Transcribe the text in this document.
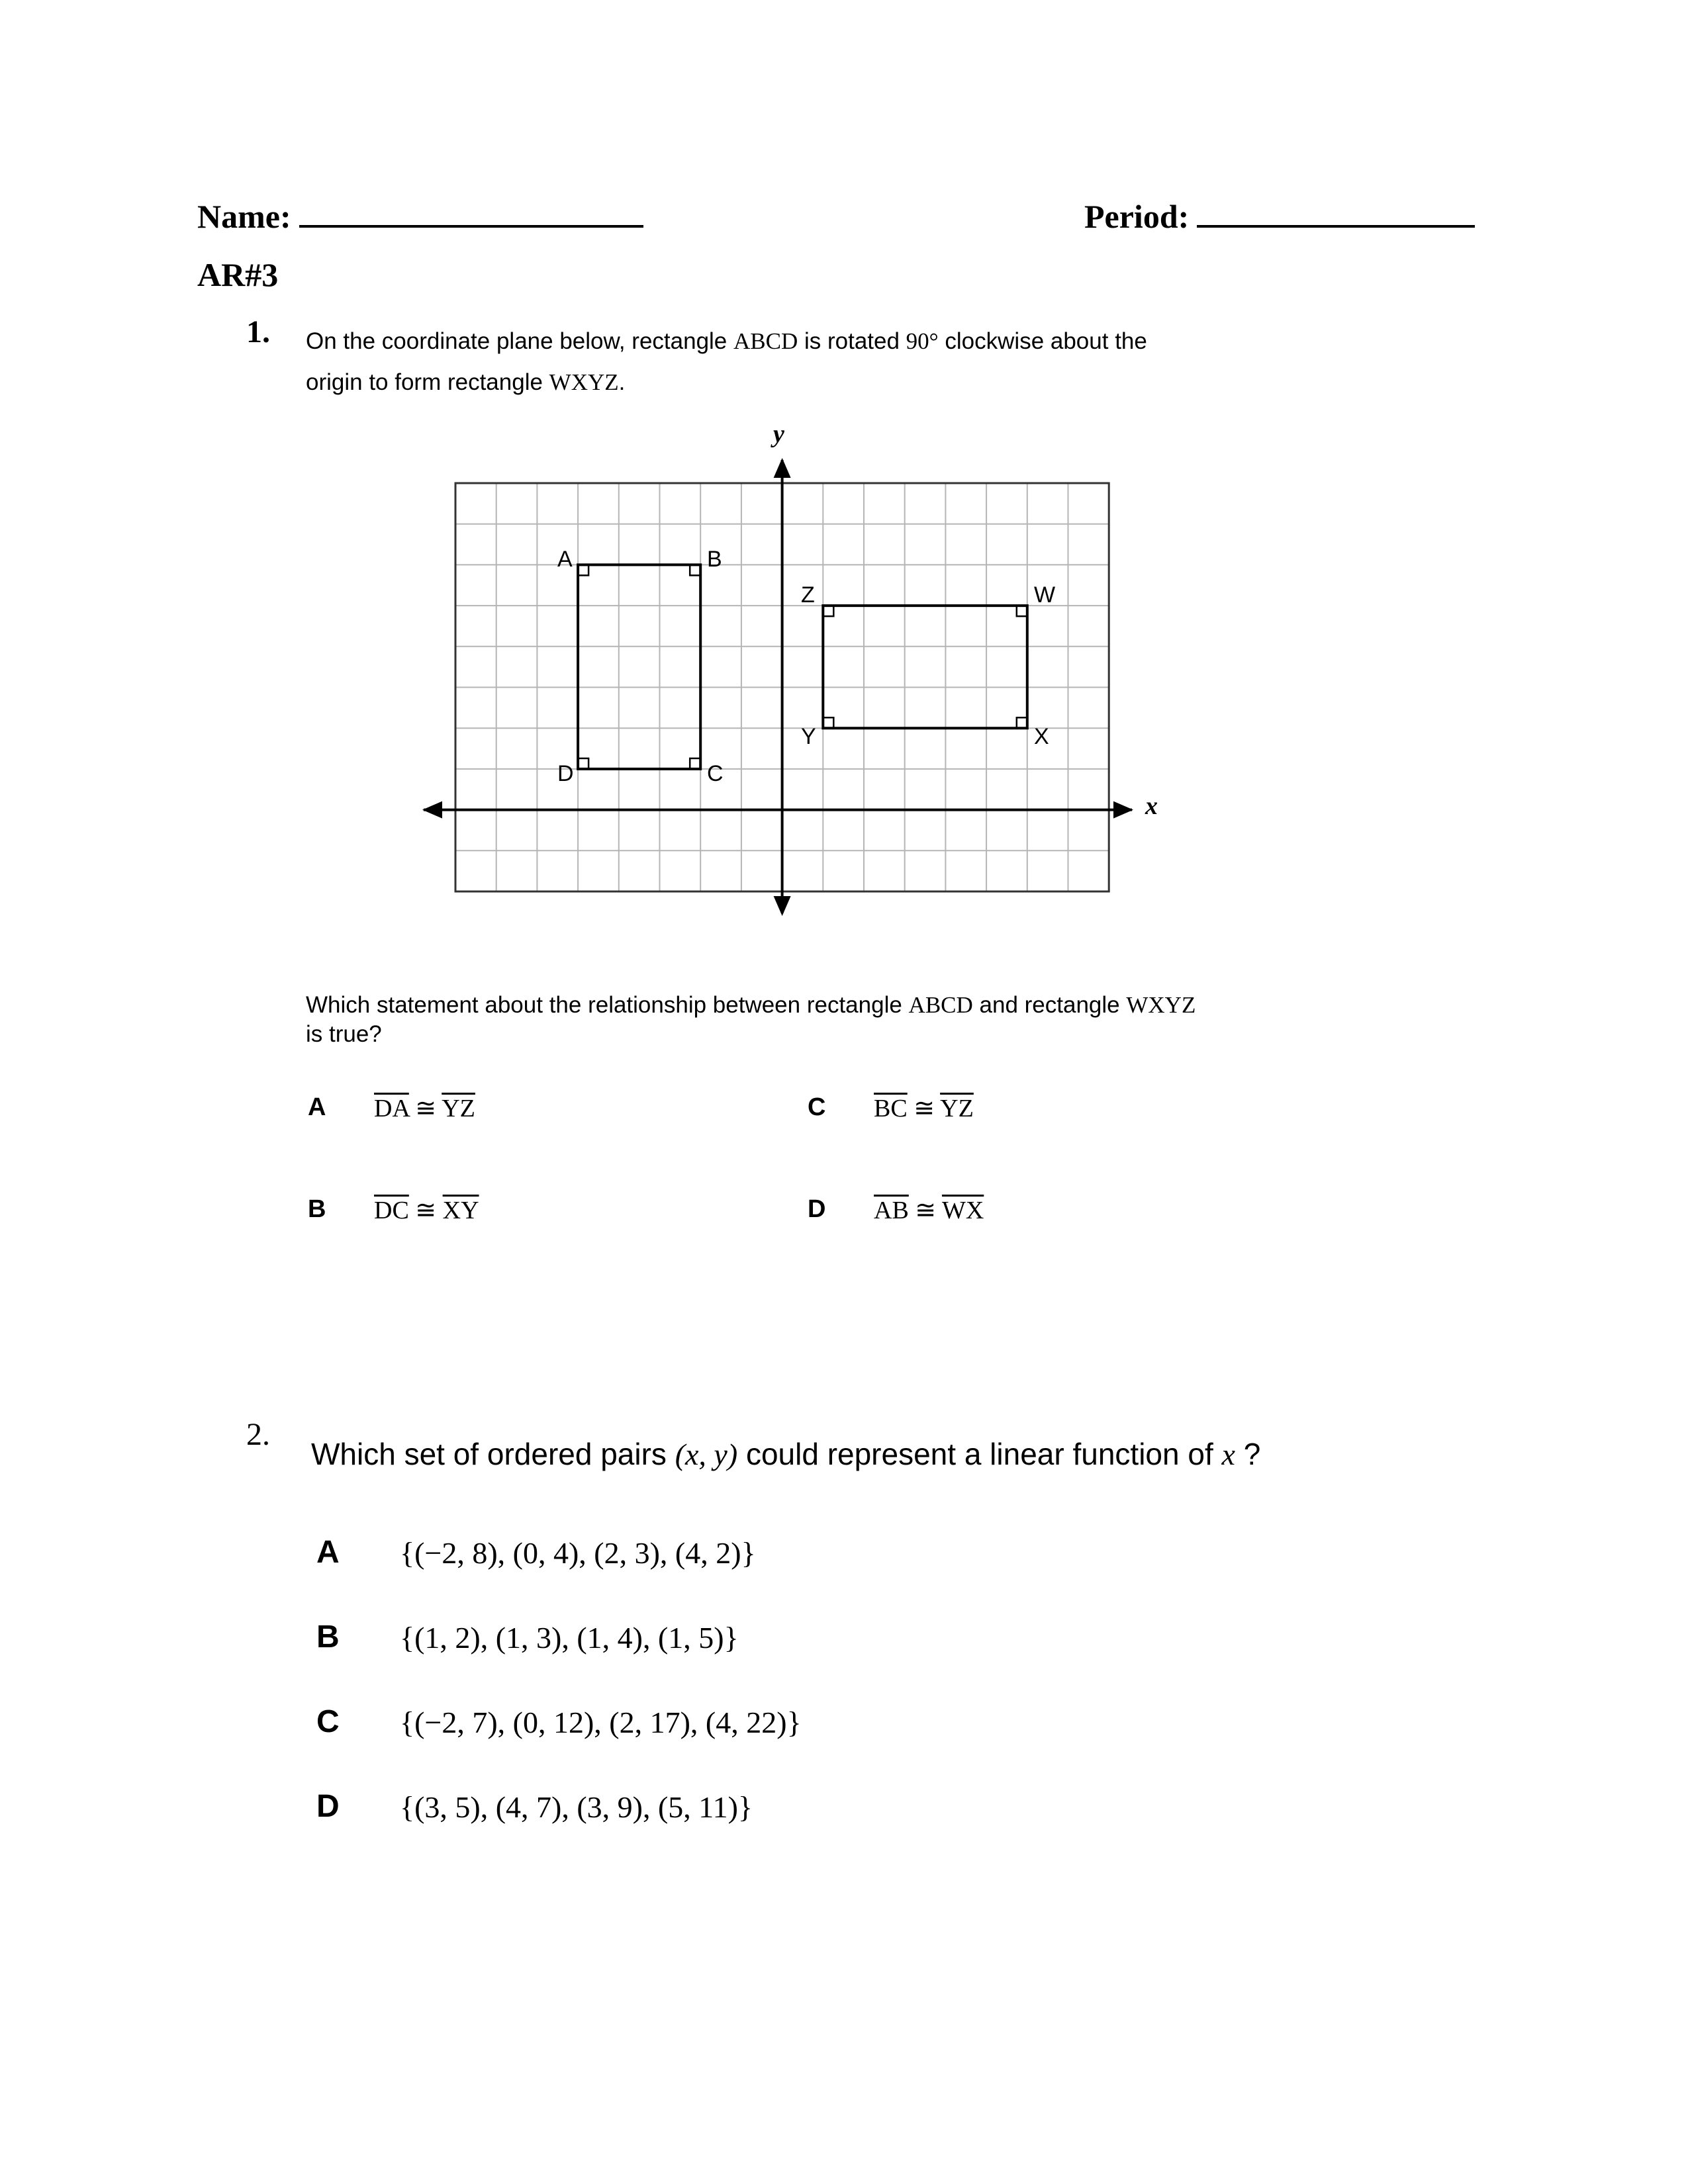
Name:	Period:
AR#3
1. On the coordinate plane below, rectangle ABCD is rotated 90° clockwise about the
origin to form rectangle WXYZ.
x
y
A	B
C
D
W
X
Y
Z
Which statement about the relationship between rectangle ABCD and rectangle WXYZ
is true?
A $\overline{DA}$ ≅ $\overline{YZ}$
B $\overline{DC}$ ≅ $\overline{XY}$
C $\overline{BC}$ ≅ $\overline{YZ}$
D $\overline{AB}$ ≅ $\overline{WX}$
2.
Which set of ordered pairs (x, y) could represent a linear function of x ?
A {(−2, 8), (0, 4), (2, 3), (4, 2)}
B {(1, 2), (1, 3), (1, 4), (1, 5)}
C {(−2, 7), (0, 12), (2, 17), (4, 22)}
D {(3, 5), (4, 7), (3, 9), (5, 11)}
